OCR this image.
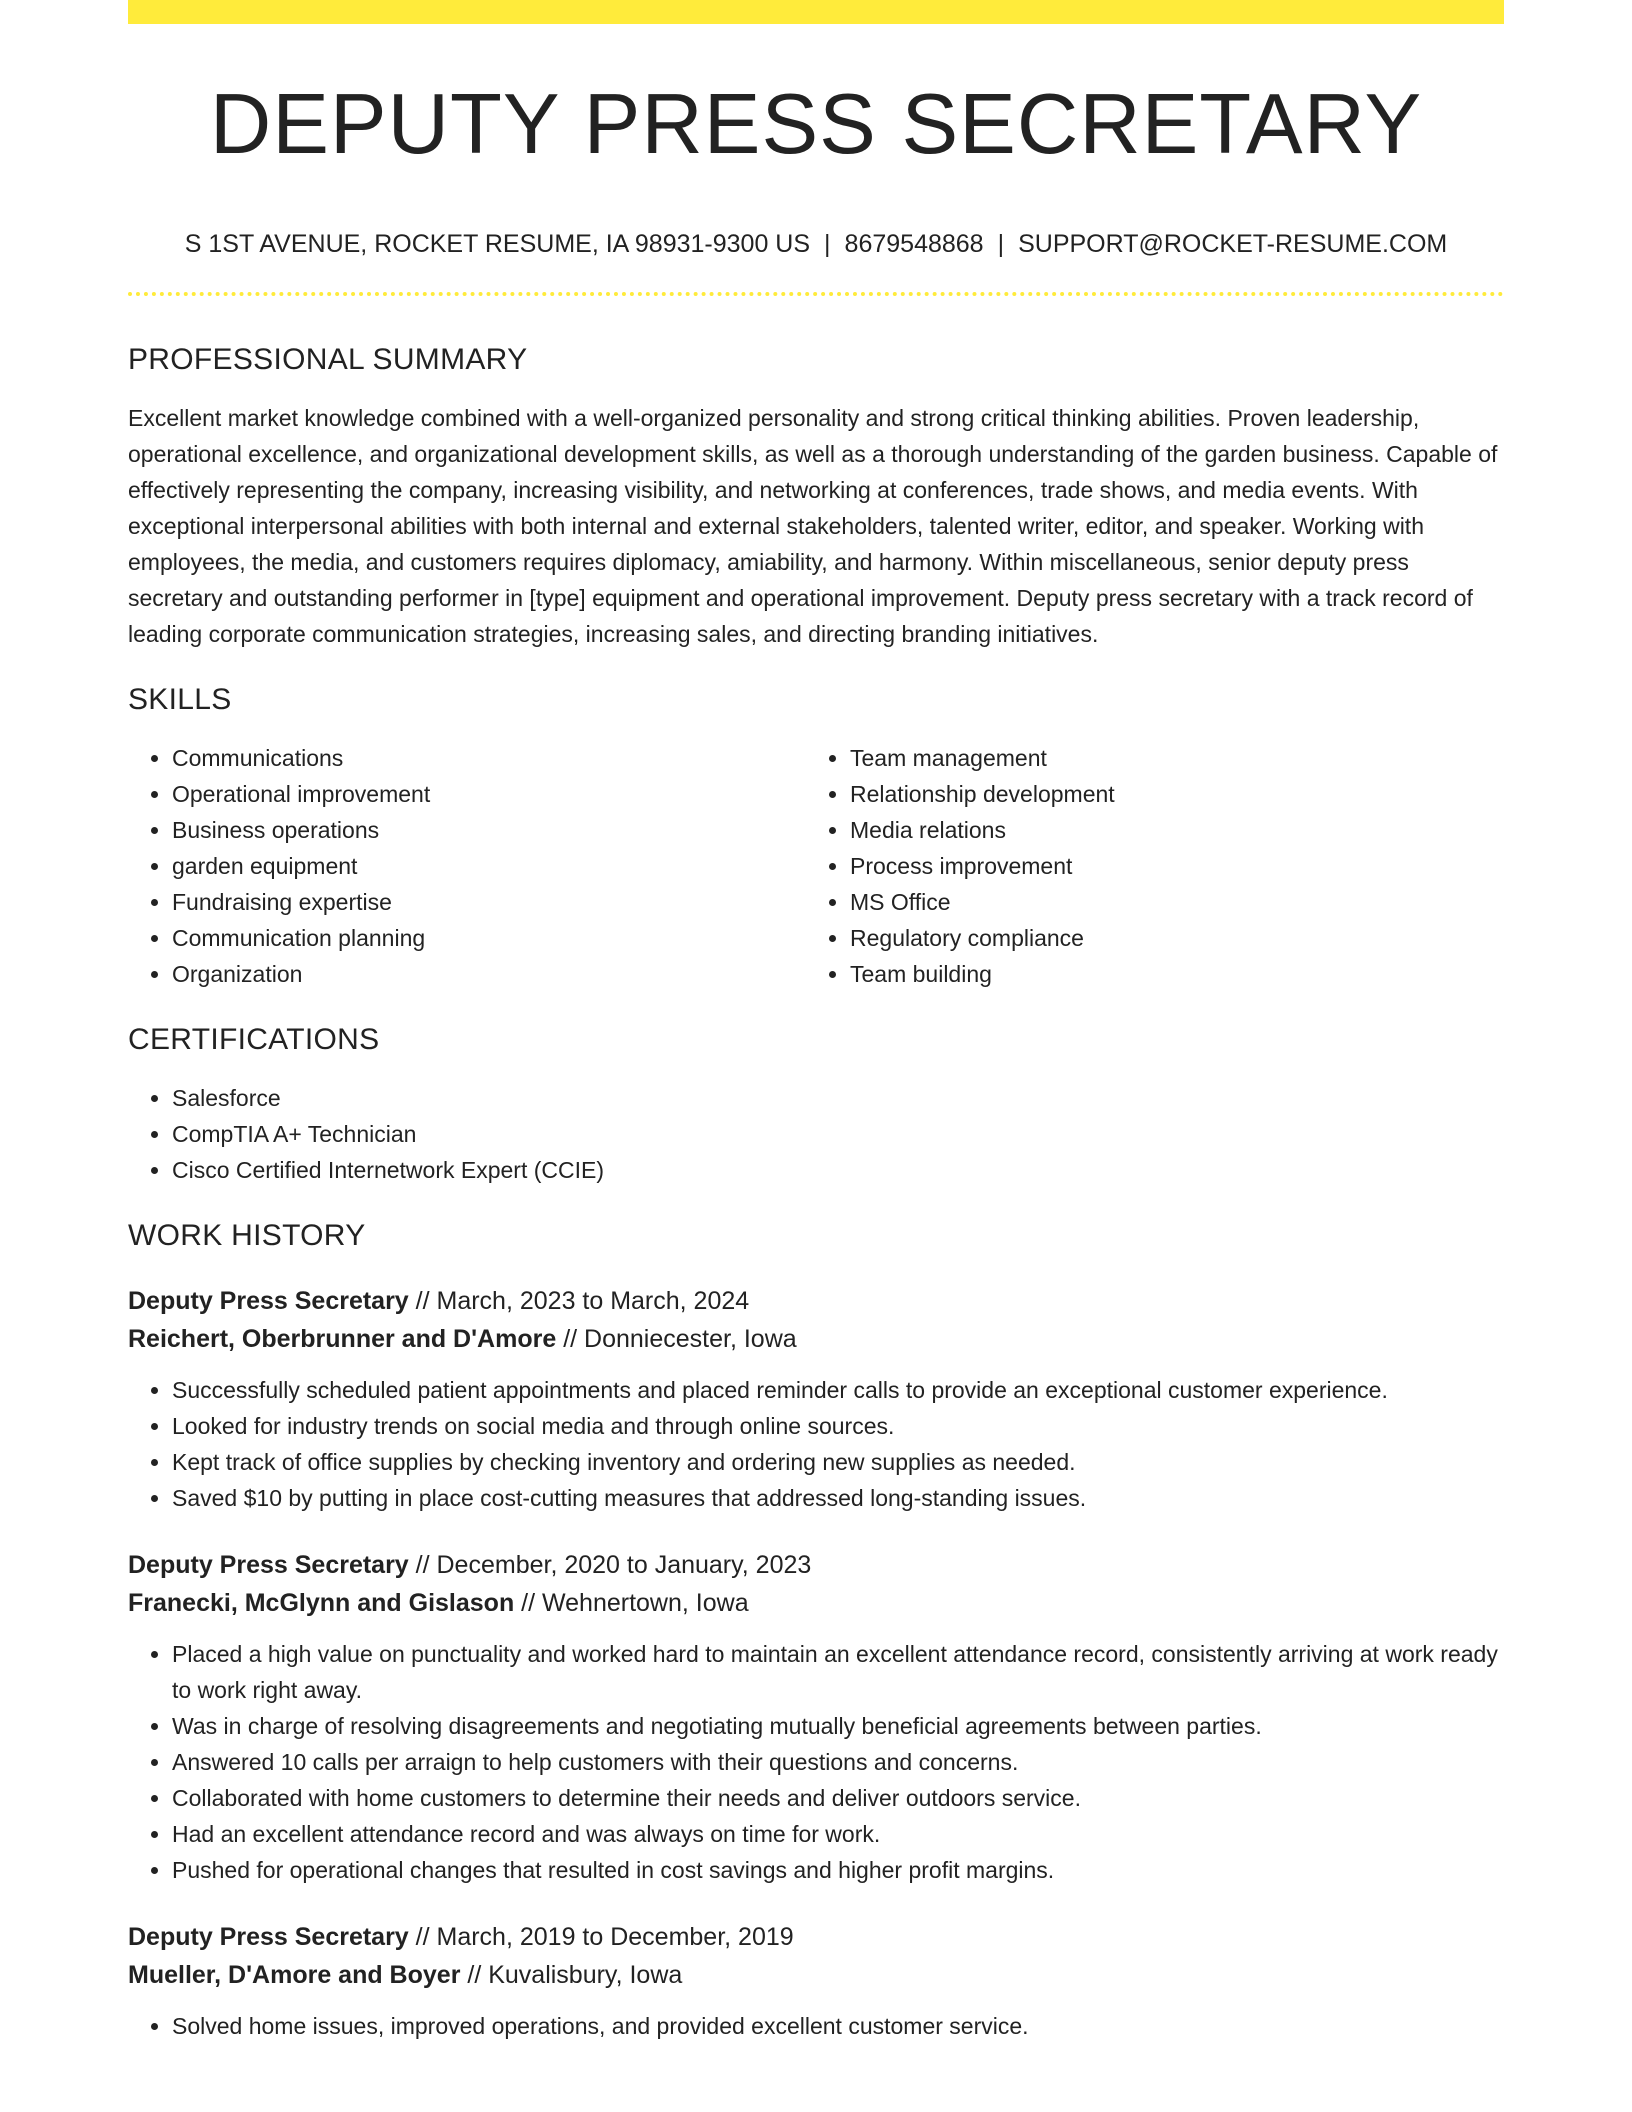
DEPUTY PRESS SECRETARY
S 1ST AVENUE, ROCKET RESUME, IA 98931-9300 US | 8679548868 | SUPPORT@ROCKET-RESUME.COM
PROFESSIONAL SUMMARY

Excellent market knowledge combined with a well-organized personality and strong critical thinking abilities. Proven leadership, operational excellence, and organizational development skills, as well as a thorough understanding of the garden business. Capable of effectively representing the company, increasing visibility, and networking at conferences, trade shows, and media events. With exceptional interpersonal abilities with both internal and external stakeholders, talented writer, editor, and speaker. Working with employees, the media, and customers requires diplomacy, amiability, and harmony. Within miscellaneous, senior deputy press secretary and outstanding performer in [type] equipment and operational improvement. Deputy press secretary with a track record of leading corporate communication strategies, increasing sales, and directing branding initiatives.

SKILLS
• Communications
• Operational improvement
• Business operations
• garden equipment
• Fundraising expertise
• Communication planning
• Organization
• Team management
• Relationship development
• Media relations
• Process improvement
• MS Office
• Regulatory compliance
• Team building
CERTIFICATIONS
• Salesforce
• CompTIA A+ Technician
• Cisco Certified Internetwork Expert (CCIE)
WORK HISTORY

Deputy Press Secretary // March, 2023 to March, 2024

Reichert, Oberbrunner and D'Amore // Donniecester, Iowa

• Successfully scheduled patient appointments and placed reminder calls to provide an exceptional customer experience.
• Looked for industry trends on social media and through online sources.
• Kept track of office supplies by checking inventory and ordering new supplies as needed.
• Saved $10 by putting in place cost-cutting measures that addressed long-standing issues.

Deputy Press Secretary // December, 2020 to January, 2023

Franecki, McGlynn and Gislason // Wehnertown, Iowa

• Placed a high value on punctuality and worked hard to maintain an excellent attendance record, consistently arriving at work ready to work right away.
• Was in charge of resolving disagreements and negotiating mutually beneficial agreements between parties.
• Answered 10 calls per arraign to help customers with their questions and concerns.
• Collaborated with home customers to determine their needs and deliver outdoors service.
• Had an excellent attendance record and was always on time for work.
• Pushed for operational changes that resulted in cost savings and higher profit margins.

Deputy Press Secretary // March, 2019 to December, 2019

Mueller, D'Amore and Boyer // Kuvalisbury, Iowa

• Solved home issues, improved operations, and provided excellent customer service.
